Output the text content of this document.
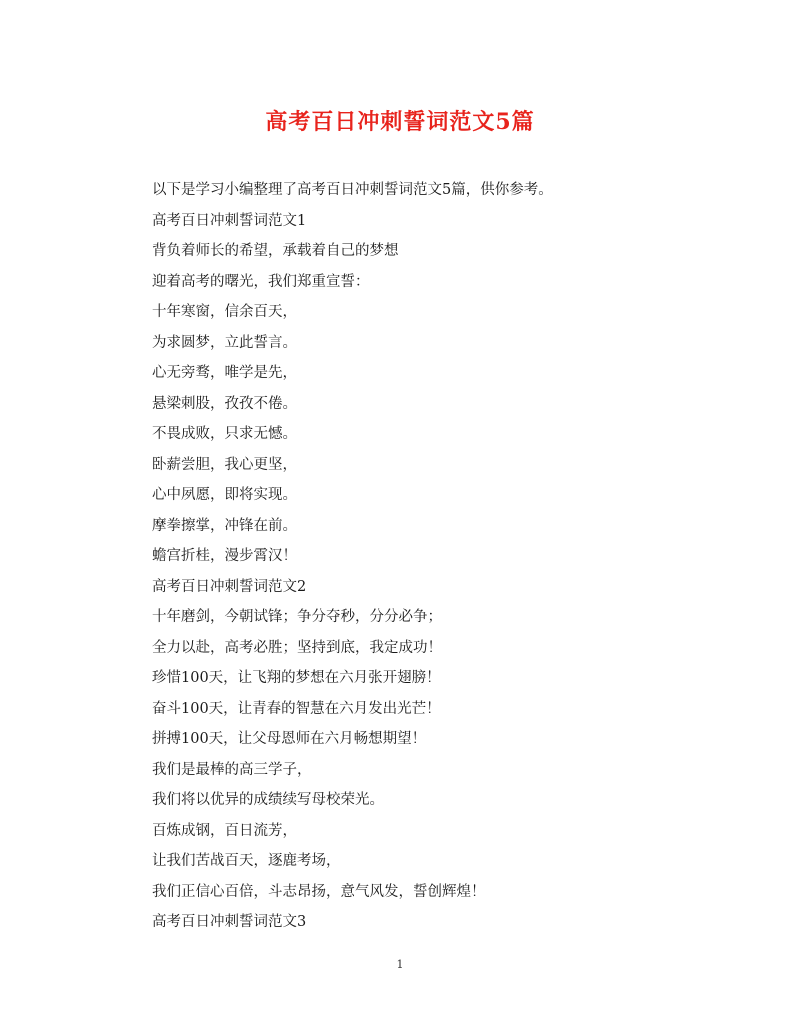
高考百日冲刺誓词范文5篇
以下是学习小编整理了高考百日冲刺誓词范文5篇，供你参考。
高考百日冲刺誓词范文1
背负着师长的希望，承载着自己的梦想
迎着高考的曙光，我们郑重宣誓：
十年寒窗，信余百天，
为求圆梦，立此誓言。
心无旁骛，唯学是先，
悬梁刺股，孜孜不倦。
不畏成败，只求无憾。
卧薪尝胆，我心更坚，
心中夙愿，即将实现。
摩拳擦掌，冲锋在前。
蟾宫折桂，漫步霄汉！
高考百日冲刺誓词范文2
十年磨剑，今朝试锋；争分夺秒，分分必争；
全力以赴，高考必胜；坚持到底，我定成功！
珍惜100天，让飞翔的梦想在六月张开翅膀！
奋斗100天，让青春的智慧在六月发出光芒！
拼搏100天，让父母恩师在六月畅想期望！
我们是最棒的高三学子，
我们将以优异的成绩续写母校荣光。
百炼成钢，百日流芳，
让我们苦战百天，逐鹿考场，
我们正信心百倍，斗志昂扬，意气风发，誓创辉煌！
高考百日冲刺誓词范文3
1
